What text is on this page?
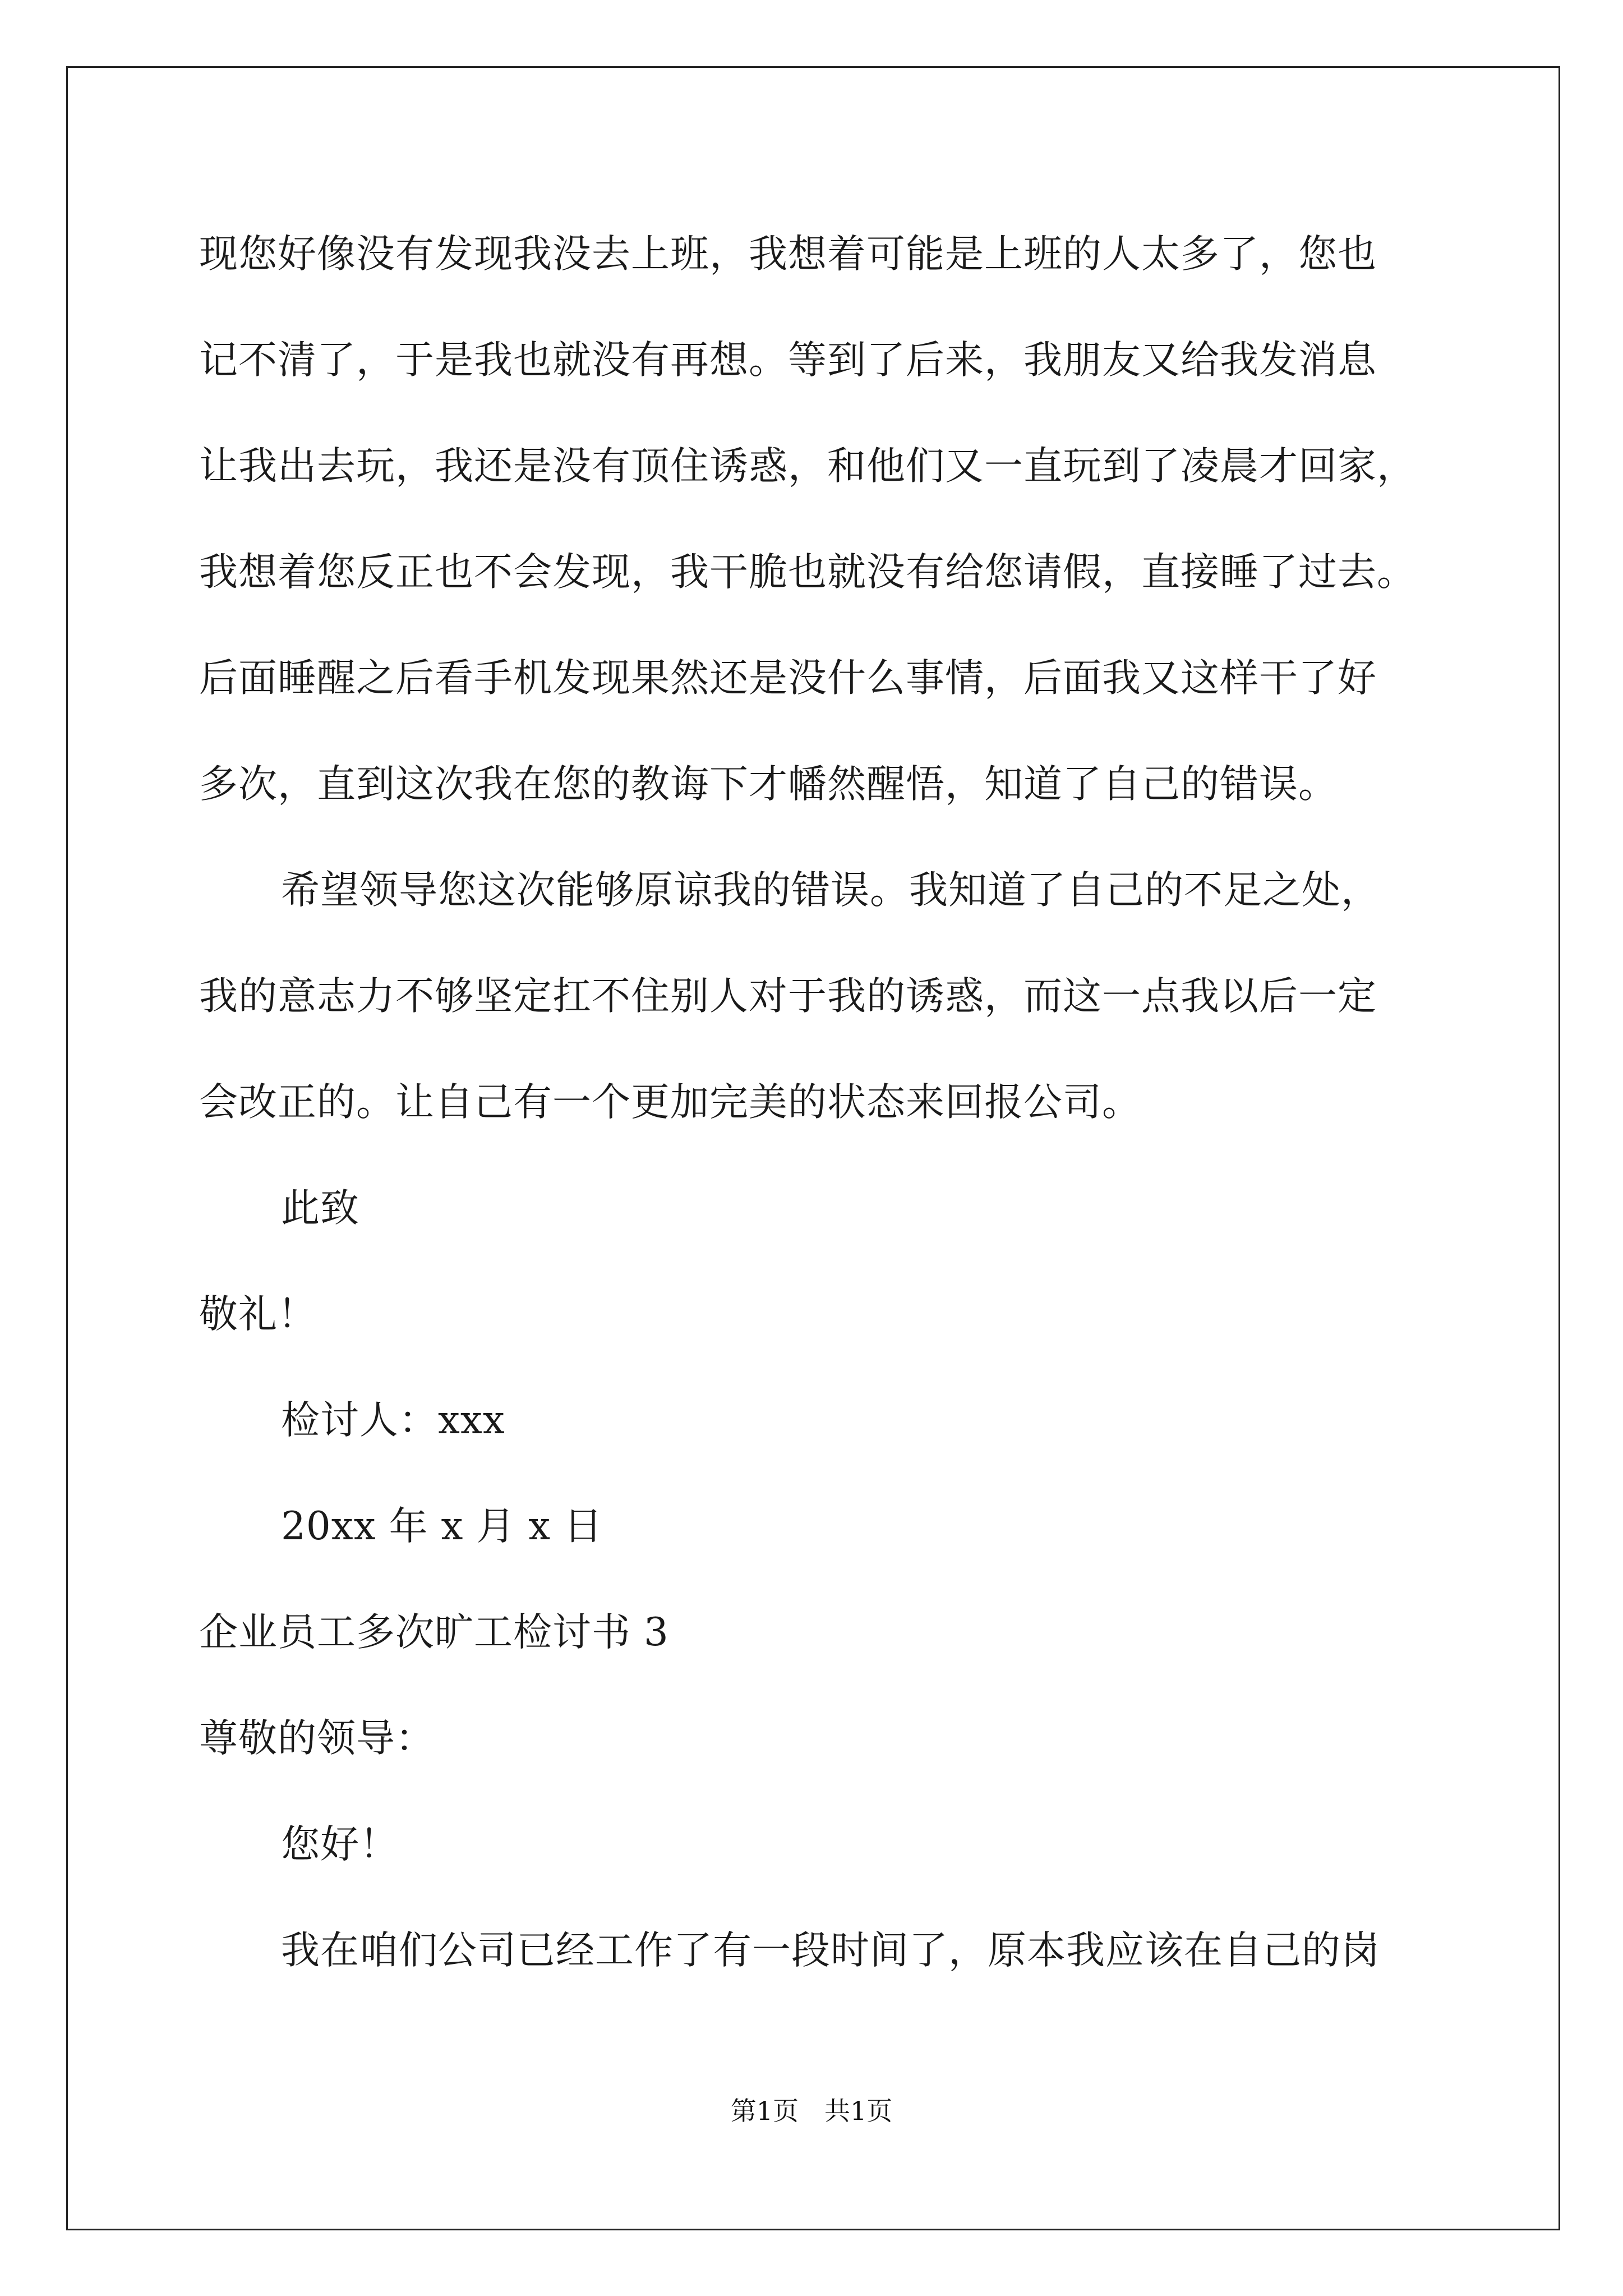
现您好像没有发现我没去上班，我想着可能是上班的人太多了，您也
记不清了，于是我也就没有再想。等到了后来，我朋友又给我发消息
让我出去玩，我还是没有顶住诱惑，和他们又一直玩到了凌晨才回家，
我想着您反正也不会发现，我干脆也就没有给您请假，直接睡了过去。
后面睡醒之后看手机发现果然还是没什么事情，后面我又这样干了好
多次，直到这次我在您的教诲下才幡然醒悟，知道了自己的错误。
希望领导您这次能够原谅我的错误。我知道了自己的不足之处，
我的意志力不够坚定扛不住别人对于我的诱惑，而这一点我以后一定
会改正的。让自己有一个更加完美的状态来回报公司。
此致
敬礼！
检讨人：xxx
20xx 年 x 月 x 日
企业员工多次旷工检讨书 3
尊敬的领导：
您好！
我在咱们公司已经工作了有一段时间了，原本我应该在自己的岗
第1页　共1页
